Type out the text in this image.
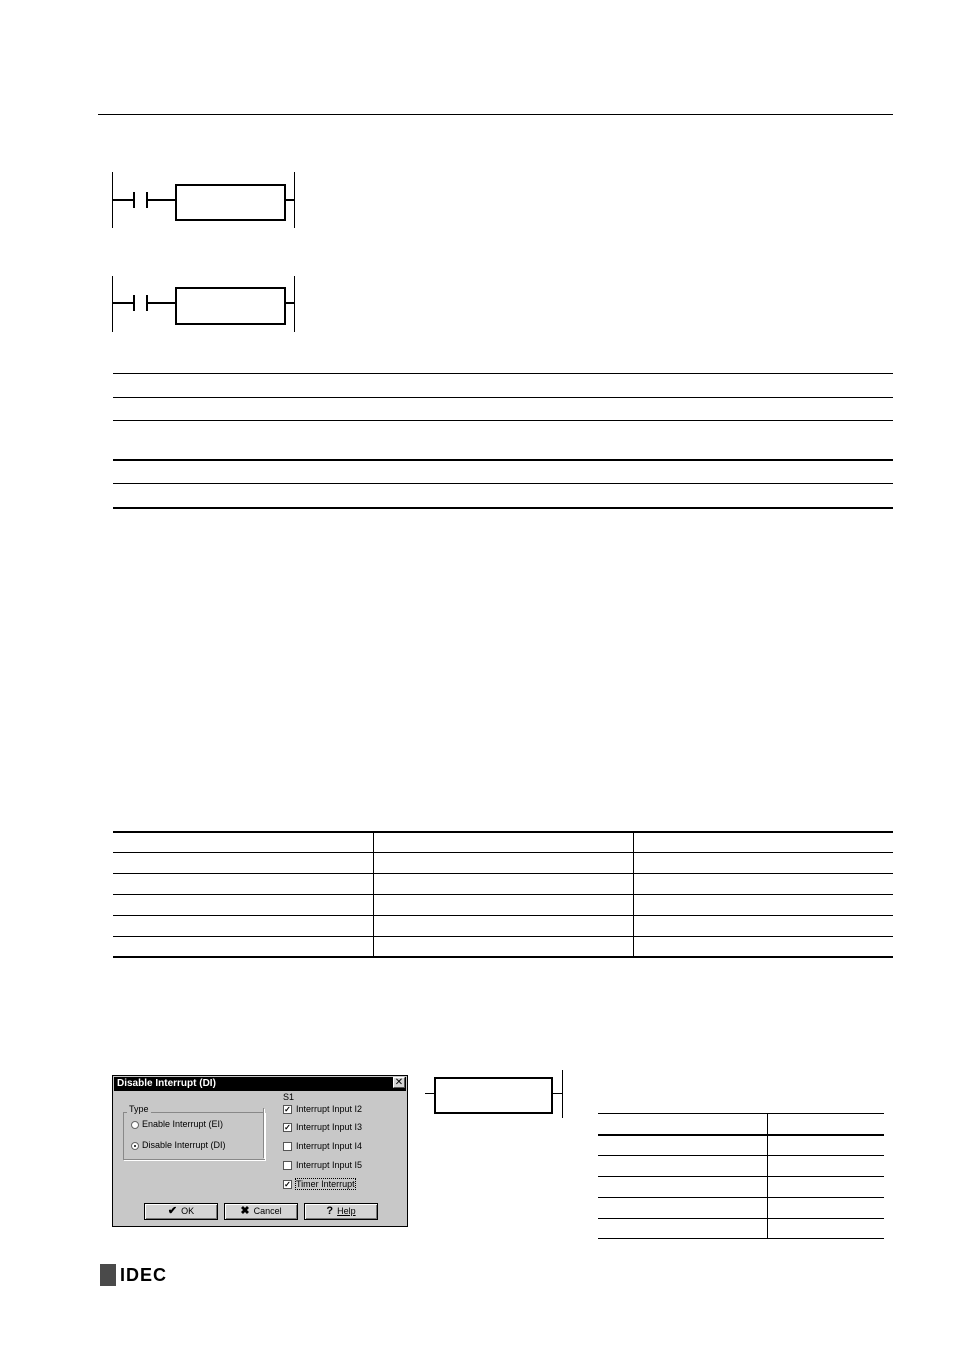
Disable Interrupt (DI)	✕
Type
Enable Interrupt (EI)
Disable Interrupt (DI)
S1
✓ Interrupt Input I2
✓ Interrupt Input I3
Interrupt Input I4
Interrupt Input I5
✓ Timer Interrupt
✔ OK	✖ Cancel	? Help
IDEC
